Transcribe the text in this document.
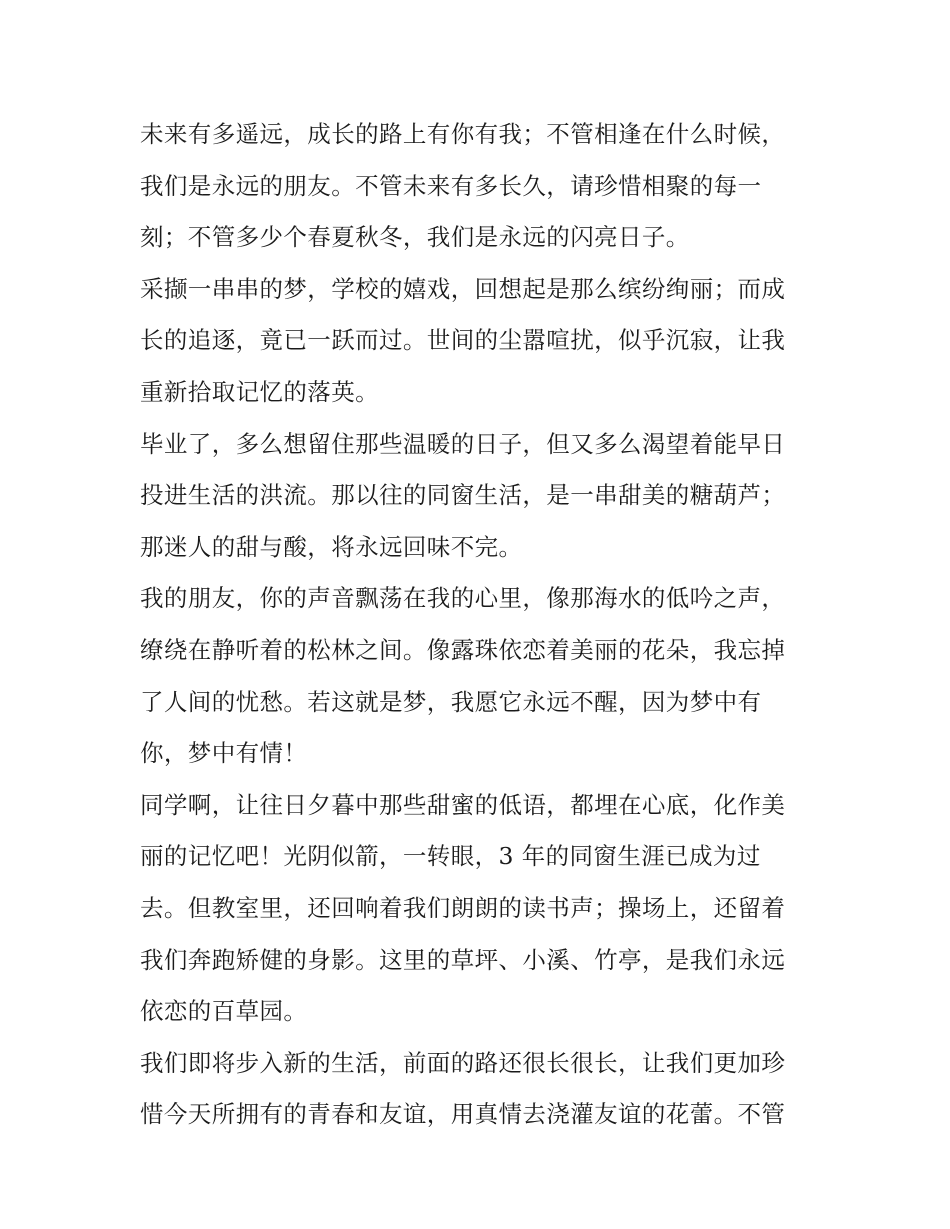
未来有多遥远，成长的路上有你有我；不管相逢在什么时候，
我们是永远的朋友。不管未来有多长久，请珍惜相聚的每一
刻；不管多少个春夏秋冬，我们是永远的闪亮日子。

采撷一串串的梦，学校的嬉戏，回想起是那么缤纷绚丽；而成
长的追逐，竟已一跃而过。世间的尘嚣喧扰，似乎沉寂，让我
重新拾取记忆的落英。

毕业了，多么想留住那些温暖的日子，但又多么渴望着能早日
投进生活的洪流。那以往的同窗生活，是一串甜美的糖葫芦；
那迷人的甜与酸，将永远回味不完。

我的朋友，你的声音飘荡在我的心里，像那海水的低吟之声，
缭绕在静听着的松林之间。像露珠依恋着美丽的花朵，我忘掉
了人间的忧愁。若这就是梦，我愿它永远不醒，因为梦中有
你，梦中有情！

同学啊，让往日夕暮中那些甜蜜的低语，都埋在心底，化作美
丽的记忆吧！光阴似箭，一转眼，3 年的同窗生涯已成为过
去。但教室里，还回响着我们朗朗的读书声；操场上，还留着
我们奔跑矫健的身影。这里的草坪、小溪、竹亭，是我们永远
依恋的百草园。

我们即将步入新的生活，前面的路还很长很长，让我们更加珍
惜今天所拥有的青春和友谊，用真情去浇灌友谊的花蕾。不管
